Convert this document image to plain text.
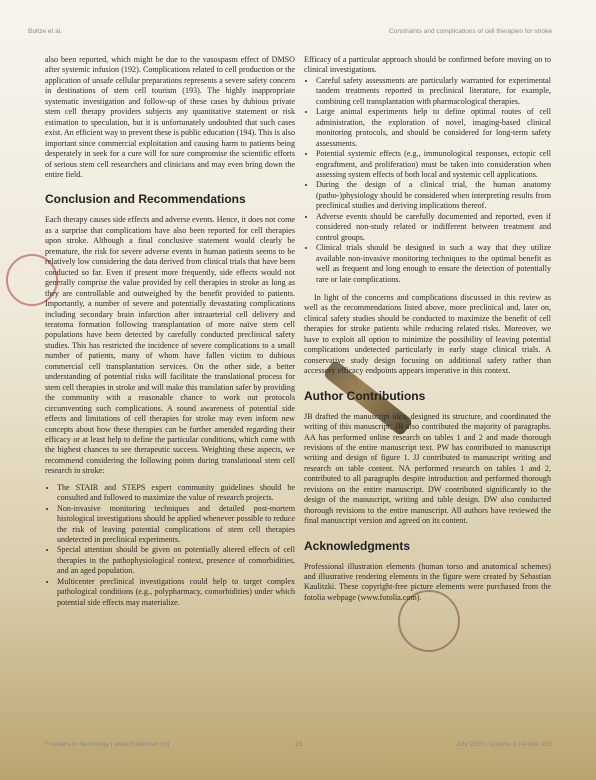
Boltze et al.	Constraints and complications of cell therapies for stroke

also been reported, which might be due to the vasospasm effect of DMSO after systemic infusion (192). Complications related to cell production or the application of unsafe cellular preparations represents a severe safety concern in destinations of stem cell tourism (193). The highly inappropriate systematic investigation and follow-up of these cases by dubious private stem cell therapy providers subjects any quantitative statement or risk estimation to speculation, but it is unfortunately undoubted that such cases exist. An efficient way to prevent these is public education (194). This is also important since commercial exploitation and causing harm to patients being desperately in seek for a cure will for sure compromise the scientific efforts of serious stem cell researchers and clinicians and may even bring down the entire field.

Conclusion and Recommendations

Each therapy causes side effects and adverse events. Hence, it does not come as a surprise that complications have also been reported for cell therapies upon stroke. Although a final conclusive statement would clearly be premature, the risk for severe adverse events in human patients seems to be relatively low considering the data derived from clinical trials that have been conducted so far. Even if present more frequently, side effects would not generally comprise the value provided by cell therapies in stroke as long as they are controllable and outweighed by the benefit provided to patients. Importantly, a number of severe and potentially devastating complications including secondary brain infarction after intraarterial cell delivery and teratoma formation following transplantation of more naïve stem cell populations have been detected by carefully conducted preclinical safety studies. This has restricted the incidence of severe complications to a small number of patients, many of whom have fallen victim to dubious commercial cell transplantation services. On the other side, a better understanding of potential risks will facilitate the translational process for stem cell therapies in stroke and will make this translation safer by providing the community with a reasonable chance to work out protocols circumventing such complications. A sound awareness of potential side effects and limitations of cell therapies for stroke may even inform new concepts about how these therapies can be further amended regarding their efficacy or at least help to define the particular conditions, which come with the highest chances to see therapeutic success. Weighting these aspects, we recommend considering the following points during translational stem cell research in stroke:

• The STAIR and STEPS expert community guidelines should be consulted and followed to maximize the value of research projects.
• Non-invasive monitoring techniques and detailed post-mortem histological investigations should be applied whenever possible to reduce the risk of leaving potential complications of stem cell therapies undetected in preclinical experiments.
• Special attention should be given on potentially altered effects of cell therapies in the pathophysiological context, presence of comorbidities, and an aged population.
• Multicenter preclinical investigations could help to target complex pathological conditions (e.g., polypharmacy, comorbidities) under which potential side effects may materialize.

Efficacy of a particular approach should be confirmed before moving on to clinical investigations.

• Careful safety assessments are particularly warranted for experimental tandem treatments reported in preclinical literature, for example, combining cell transplantation with pharmacological therapies.
• Large animal experiments help to define optimal routes of cell administration, the exploration of novel, imaging-based clinical monitoring protocols, and should be considered for long-term safety assessments.
• Potential systemic effects (e.g., immunological responses, ectopic cell engraftment, and proliferation) must be taken into consideration when assessing system effects of both local and systemic cell applications.
• During the design of a clinical trial, the human anatomy (patho-)physiology should be considered when interpreting results from preclinical studies and deriving implications thereof.
• Adverse events should be carefully documented and reported, even if considered non-study related or indifferent between treatment and control groups.
• Clinical trials should be designed in such a way that they utilize available non-invasive monitoring techniques to the optimal benefit as well as frequent and long enough to ensure the detection of potentially rare or late complications.

In light of the concerns and complications discussed in this review as well as the recommendations listed above, more preclinical and, later on, clinical safety studies should be conducted to maximize the benefit of cell therapies for stroke patients while reducing related risks. Moreover, we have to exploit all option to minimize the possibility of leaving potential complications undetected particularly in early stage clinical trials. A conservative study design focusing on additional safety rather than accessory efficacy endpoints appears imperative in this context.

Author Contributions

JB drafted the manuscript idea, designed its structure, and coordinated the writing of this manuscript; JB also contributed the majority of paragraphs. AA has performed online research on tables 1 and 2 and made thorough revisions of the entire manuscript text. PW has contributed to manuscript writing and design of figure 1. JJ contributed to manuscript writing and research on table content. NA performed research on tables 1 and 2, contributed to all paragraphs despite introduction and performed thorough revisions on the entire manuscript. DW contributed significantly to the design of the manuscript, writing and table design. DW also conducted thorough revisions to the entire manuscript. All authors have reviewed the final manuscript version and agreed on its content.

Acknowledgments

Professional illustration elements (human torso and anatomical schemes) and illustrative rendering elements in the figure were created by Sebastian Kaulitzki. These copyright-free picture elements were purchased from the fotolia webpage (www.fotolia.com).

Frontiers in Neurology | www.frontiersin.org	15	July 2015 | Volume 6 | Article 155
